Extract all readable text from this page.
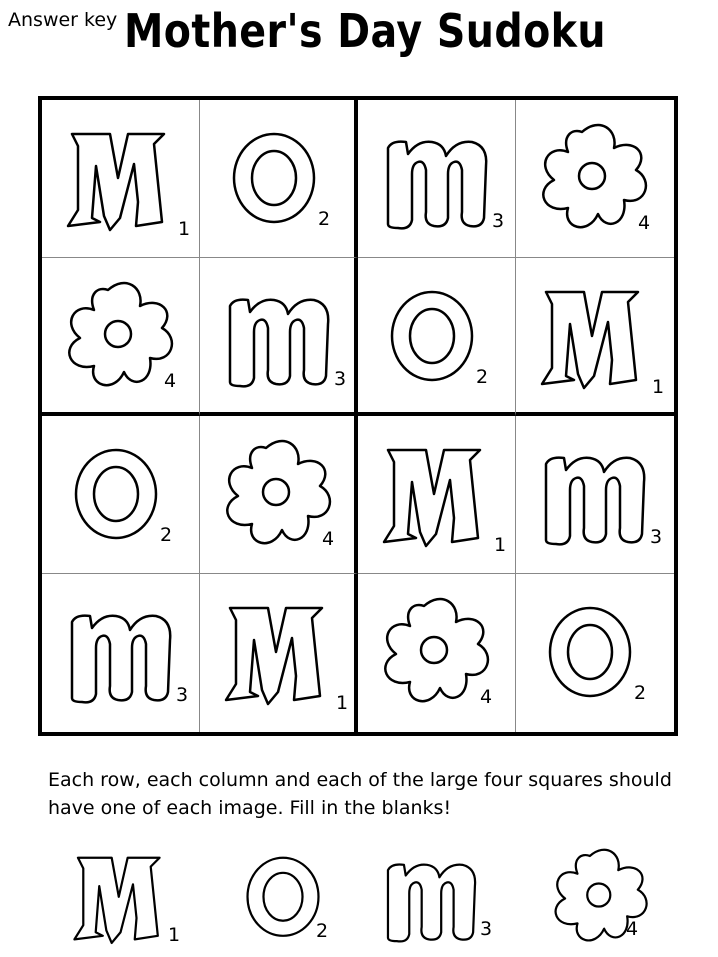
Answer key Mother's Day Sudoku
1	2	3	4
4	3	2	1
2	4	1	3
3	1	4	2
Each row, each column and each of the large four squares should have one of each image. Fill in the blanks!
1	2	3	4
